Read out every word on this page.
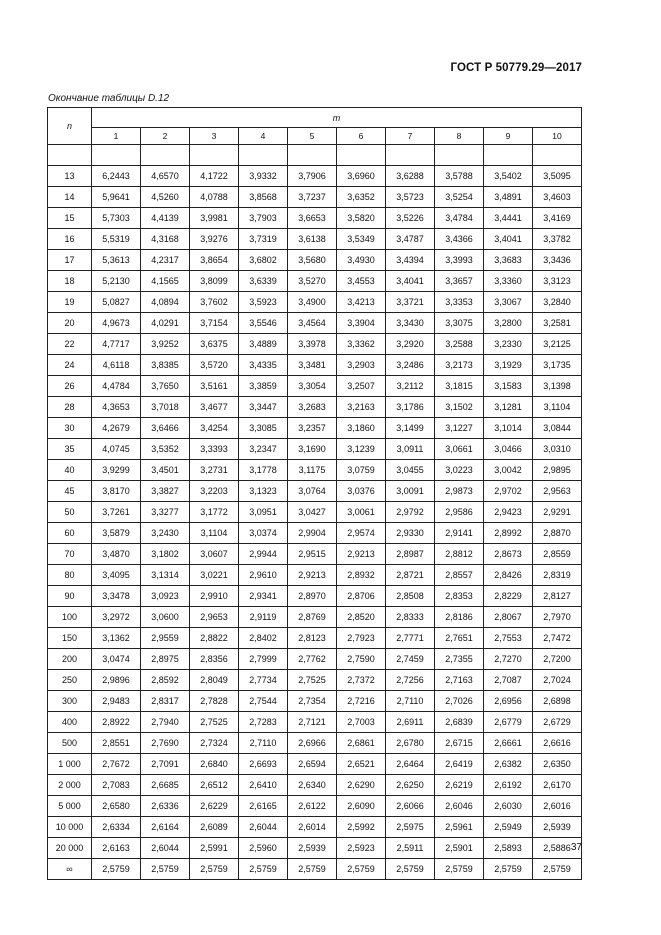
ГОСТ Р 50779.29—2017
Окончание таблицы D.12
n	m									
	1	2	3	4	5	6	7	8	9	10

13	6,2443	4,6570	4,1722	3,9332	3,7906	3,6960	3,6288	3,5788	3,5402	3,5095
14	5,9641	4,5260	4,0788	3,8568	3,7237	3,6352	3,5723	3,5254	3,4891	3,4603
15	5,7303	4,4139	3,9981	3,7903	3,6653	3,5820	3,5226	3,4784	3,4441	3,4169
16	5,5319	4,3168	3,9276	3,7319	3,6138	3,5349	3,4787	3,4366	3,4041	3,3782
17	5,3613	4,2317	3,8654	3,6802	3,5680	3,4930	3,4394	3,3993	3,3683	3,3436
18	5,2130	4,1565	3,8099	3,6339	3,5270	3,4553	3,4041	3,3657	3,3360	3,3123
19	5,0827	4,0894	3,7602	3,5923	3,4900	3,4213	3,3721	3,3353	3,3067	3,2840
20	4,9673	4,0291	3,7154	3,5546	3,4564	3,3904	3,3430	3,3075	3,2800	3,2581
22	4,7717	3,9252	3,6375	3,4889	3,3978	3,3362	3,2920	3,2588	3,2330	3,2125
24	4,6118	3,8385	3,5720	3,4335	3,3481	3,2903	3,2486	3,2173	3,1929	3,1735
26	4,4784	3,7650	3,5161	3,3859	3,3054	3,2507	3,2112	3,1815	3,1583	3,1398
28	4,3653	3,7018	3,4677	3,3447	3,2683	3,2163	3,1786	3,1502	3,1281	3,1104
30	4,2679	3,6466	3,4254	3,3085	3,2357	3,1860	3,1499	3,1227	3,1014	3,0844
35	4,0745	3,5352	3,3393	3,2347	3,1690	3,1239	3,0911	3,0661	3,0466	3,0310
40	3,9299	3,4501	3,2731	3,1778	3,1175	3,0759	3,0455	3,0223	3,0042	2,9895
45	3,8170	3,3827	3,2203	3,1323	3,0764	3,0376	3,0091	2,9873	2,9702	2,9563
50	3,7261	3,3277	3,1772	3,0951	3,0427	3,0061	2,9792	2,9586	2,9423	2,9291
60	3,5879	3,2430	3,1104	3,0374	2,9904	2,9574	2,9330	2,9141	2,8992	2,8870
70	3,4870	3,1802	3,0607	2,9944	2,9515	2,9213	2,8987	2,8812	2,8673	2,8559
80	3,4095	3,1314	3,0221	2,9610	2,9213	2,8932	2,8721	2,8557	2,8426	2,8319
90	3,3478	3,0923	2,9910	2,9341	2,8970	2,8706	2,8508	2,8353	2,8229	2,8127
100	3,2972	3,0600	2,9653	2,9119	2,8769	2,8520	2,8333	2,8186	2,8067	2,7970
150	3,1362	2,9559	2,8822	2,8402	2,8123	2,7923	2,7771	2,7651	2,7553	2,7472
200	3,0474	2,8975	2,8356	2,7999	2,7762	2,7590	2,7459	2,7355	2,7270	2,7200
250	2,9896	2,8592	2,8049	2,7734	2,7525	2,7372	2,7256	2,7163	2,7087	2,7024
300	2,9483	2,8317	2,7828	2,7544	2,7354	2,7216	2,7110	2,7026	2,6956	2,6898
400	2,8922	2,7940	2,7525	2,7283	2,7121	2,7003	2,6911	2,6839	2,6779	2,6729
500	2,8551	2,7690	2,7324	2,7110	2,6966	2,6861	2,6780	2,6715	2,6661	2,6616
1 000	2,7672	2,7091	2,6840	2,6693	2,6594	2,6521	2,6464	2,6419	2,6382	2,6350
2 000	2,7083	2,6685	2,6512	2,6410	2,6340	2,6290	2,6250	2,6219	2,6192	2,6170
5 000	2,6580	2,6336	2,6229	2,6165	2,6122	2,6090	2,6066	2,6046	2,6030	2,6016
10 000	2,6334	2,6164	2,6089	2,6044	2,6014	2,5992	2,5975	2,5961	2,5949	2,5939
20 000	2,6163	2,6044	2,5991	2,5960	2,5939	2,5923	2,5911	2,5901	2,5893	2,5886
∞	2,5759	2,5759	2,5759	2,5759	2,5759	2,5759	2,5759	2,5759	2,5759	2,5759
37
